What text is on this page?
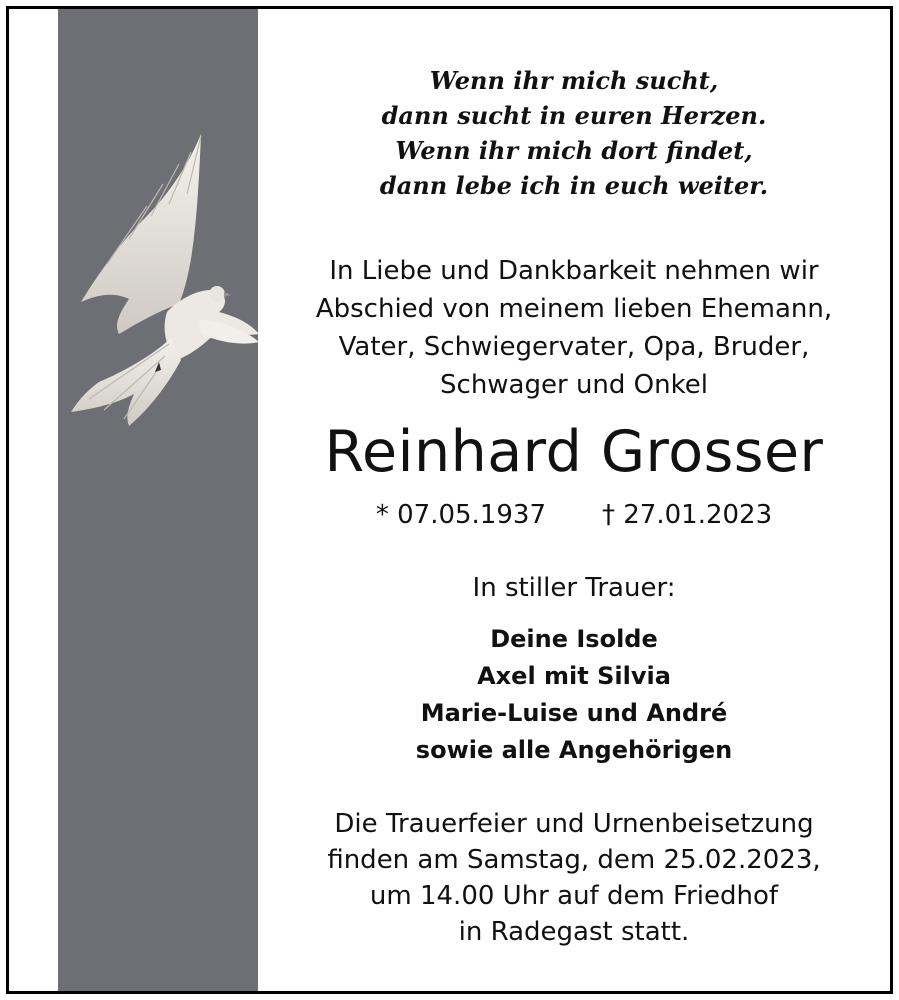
Wenn ihr mich sucht,
dann sucht in euren Herzen.
Wenn ihr mich dort findet,
dann lebe ich in euch weiter.
In Liebe und Dankbarkeit nehmen wir
Abschied von meinem lieben Ehemann,
Vater, Schwiegervater, Opa, Bruder,
Schwager und Onkel
Reinhard Grosser
* 07.05.1937 † 27.01.2023
In stiller Trauer:
Deine Isolde
Axel mit Silvia
Marie-Luise und André
sowie alle Angehörigen
Die Trauerfeier und Urnenbeisetzung
finden am Samstag, dem 25.02.2023,
um 14.00 Uhr auf dem Friedhof
in Radegast statt.
